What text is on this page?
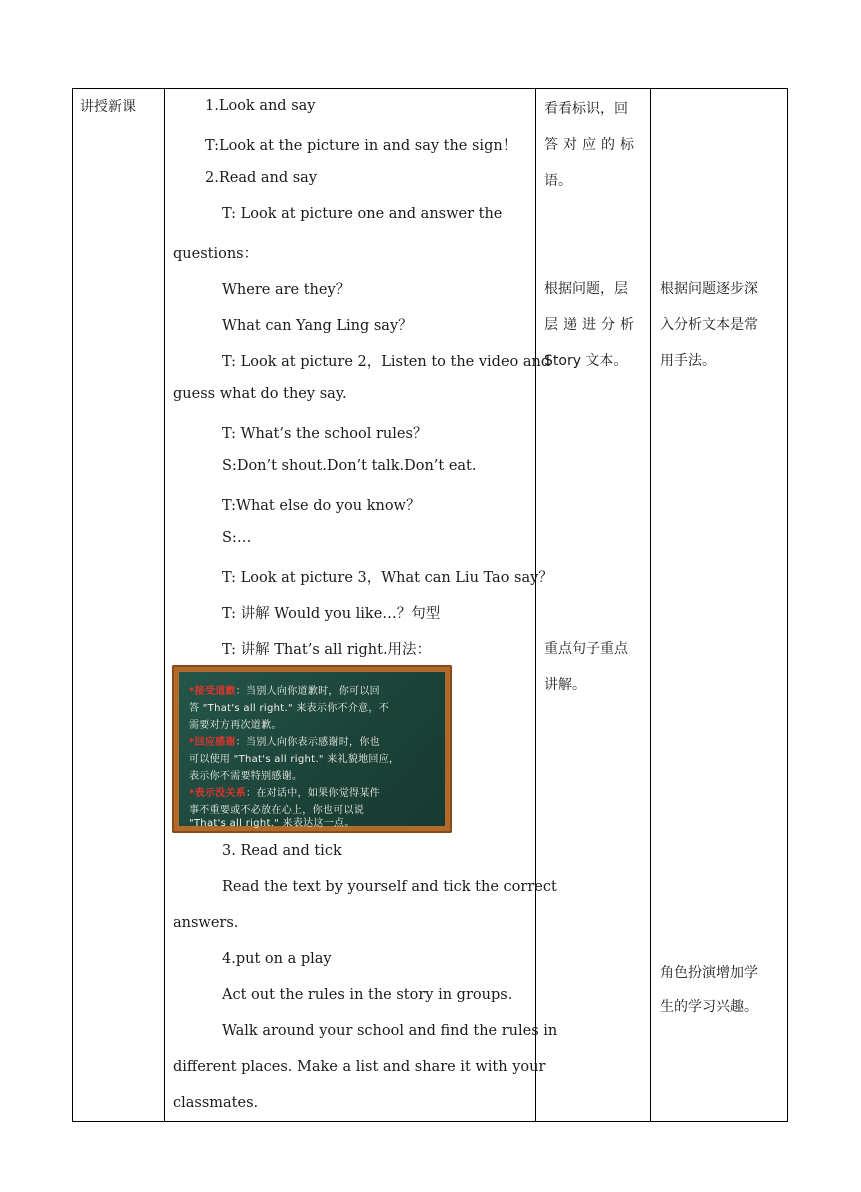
讲授新课	1.Look and say
T:Look at the picture in and say the sign！
2.Read and say
T: Look at picture one and answer the
questions：
Where are they？
What can Yang Ling say？
T: Look at picture 2，Listen to the video and
guess what do they say.
T: What’s the school rules？
S:Don’t shout.Don’t talk.Don’t eat.
T:What else do you know？
S:…
T: Look at picture 3，What can Liu Tao say？
T: 讲解 Would you like…？句型
T: 讲解 That’s all right.用法：
*接受道歉：当别人向你道歉时，你可以回
答 "That's all right." 来表示你不介意，不
需要对方再次道歉。
*回应感谢：当别人向你表示感谢时，你也
可以使用 "That's all right." 来礼貌地回应，
表示你不需要特别感谢。
*表示没关系：在对话中，如果你觉得某件
事不重要或不必放在心上，你也可以说
"That's all right." 来表达这一点。
3. Read and tick
Read the text by yourself and tick the correct
answers.
4.put on a play
Act out the rules in the story in groups.
Walk around your school and find the rules in
different places. Make a list and share it with your
classmates.
看看标识，回
答对应的标
语。
根据问题，层
层递进分析
Story 文本。
重点句子重点
讲解。
根据问题逐步深
入分析文本是常
用手法。
角色扮演增加学
生的学习兴趣。
